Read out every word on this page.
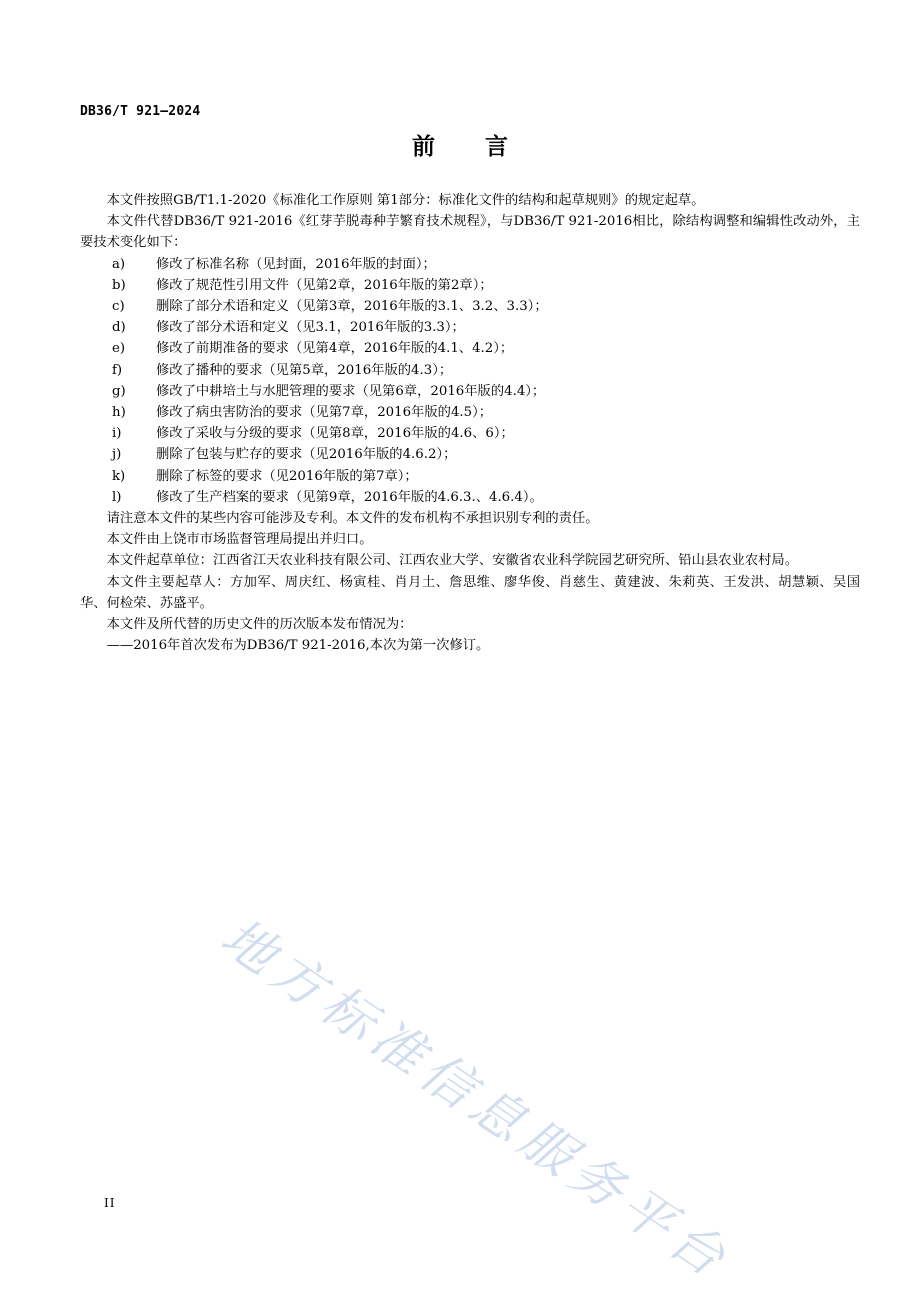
DB36/T 921—2024
前言

本文件按照GB/T1.1-2020《标准化工作原则 第1部分：标准化文件的结构和起草规则》的规定起草。

本文件代替DB36/T 921-2016《红芽芋脱毒种芋繁育技术规程》，与DB36/T 921-2016相比，除结构调整和编辑性改动外，主要技术变化如下：

a) 修改了标准名称（见封面，2016年版的封面）；

b) 修改了规范性引用文件（见第2章，2016年版的第2章）；

c) 删除了部分术语和定义（见第3章，2016年版的3.1、3.2、3.3）；

d) 修改了部分术语和定义（见3.1，2016年版的3.3）；

e) 修改了前期准备的要求（见第4章，2016年版的4.1、4.2）；

f)	修改了播种的要求（见第5章，2016年版的4.3）；

g) 修改了中耕培土与水肥管理的要求（见第6章，2016年版的4.4）；

h) 修改了病虫害防治的要求（见第7章，2016年版的4.5）；

i)	修改了采收与分级的要求（见第8章，2016年版的4.6、6）；

j)	删除了包装与贮存的要求（见2016年版的4.6.2）；

k) 删除了标签的要求（见2016年版的第7章）；

l)	修改了生产档案的要求（见第9章，2016年版的4.6.3.、4.6.4）。

请注意本文件的某些内容可能涉及专利。本文件的发布机构不承担识别专利的责任。

本文件由上饶市市场监督管理局提出并归口。

本文件起草单位：江西省江天农业科技有限公司、江西农业大学、安徽省农业科学院园艺研究所、铅山县农业农村局。

本文件主要起草人：方加军、周庆红、杨寅桂、肖月土、詹思维、廖华俊、肖慈生、黄建波、朱莉英、王发洪、胡慧颖、吴国华、何检荣、苏盛平。

本文件及所代替的历史文件的历次版本发布情况为：

——2016年首次发布为DB36/T 921-2016,本次为第一次修订。

地方标准信息服务平台
II
